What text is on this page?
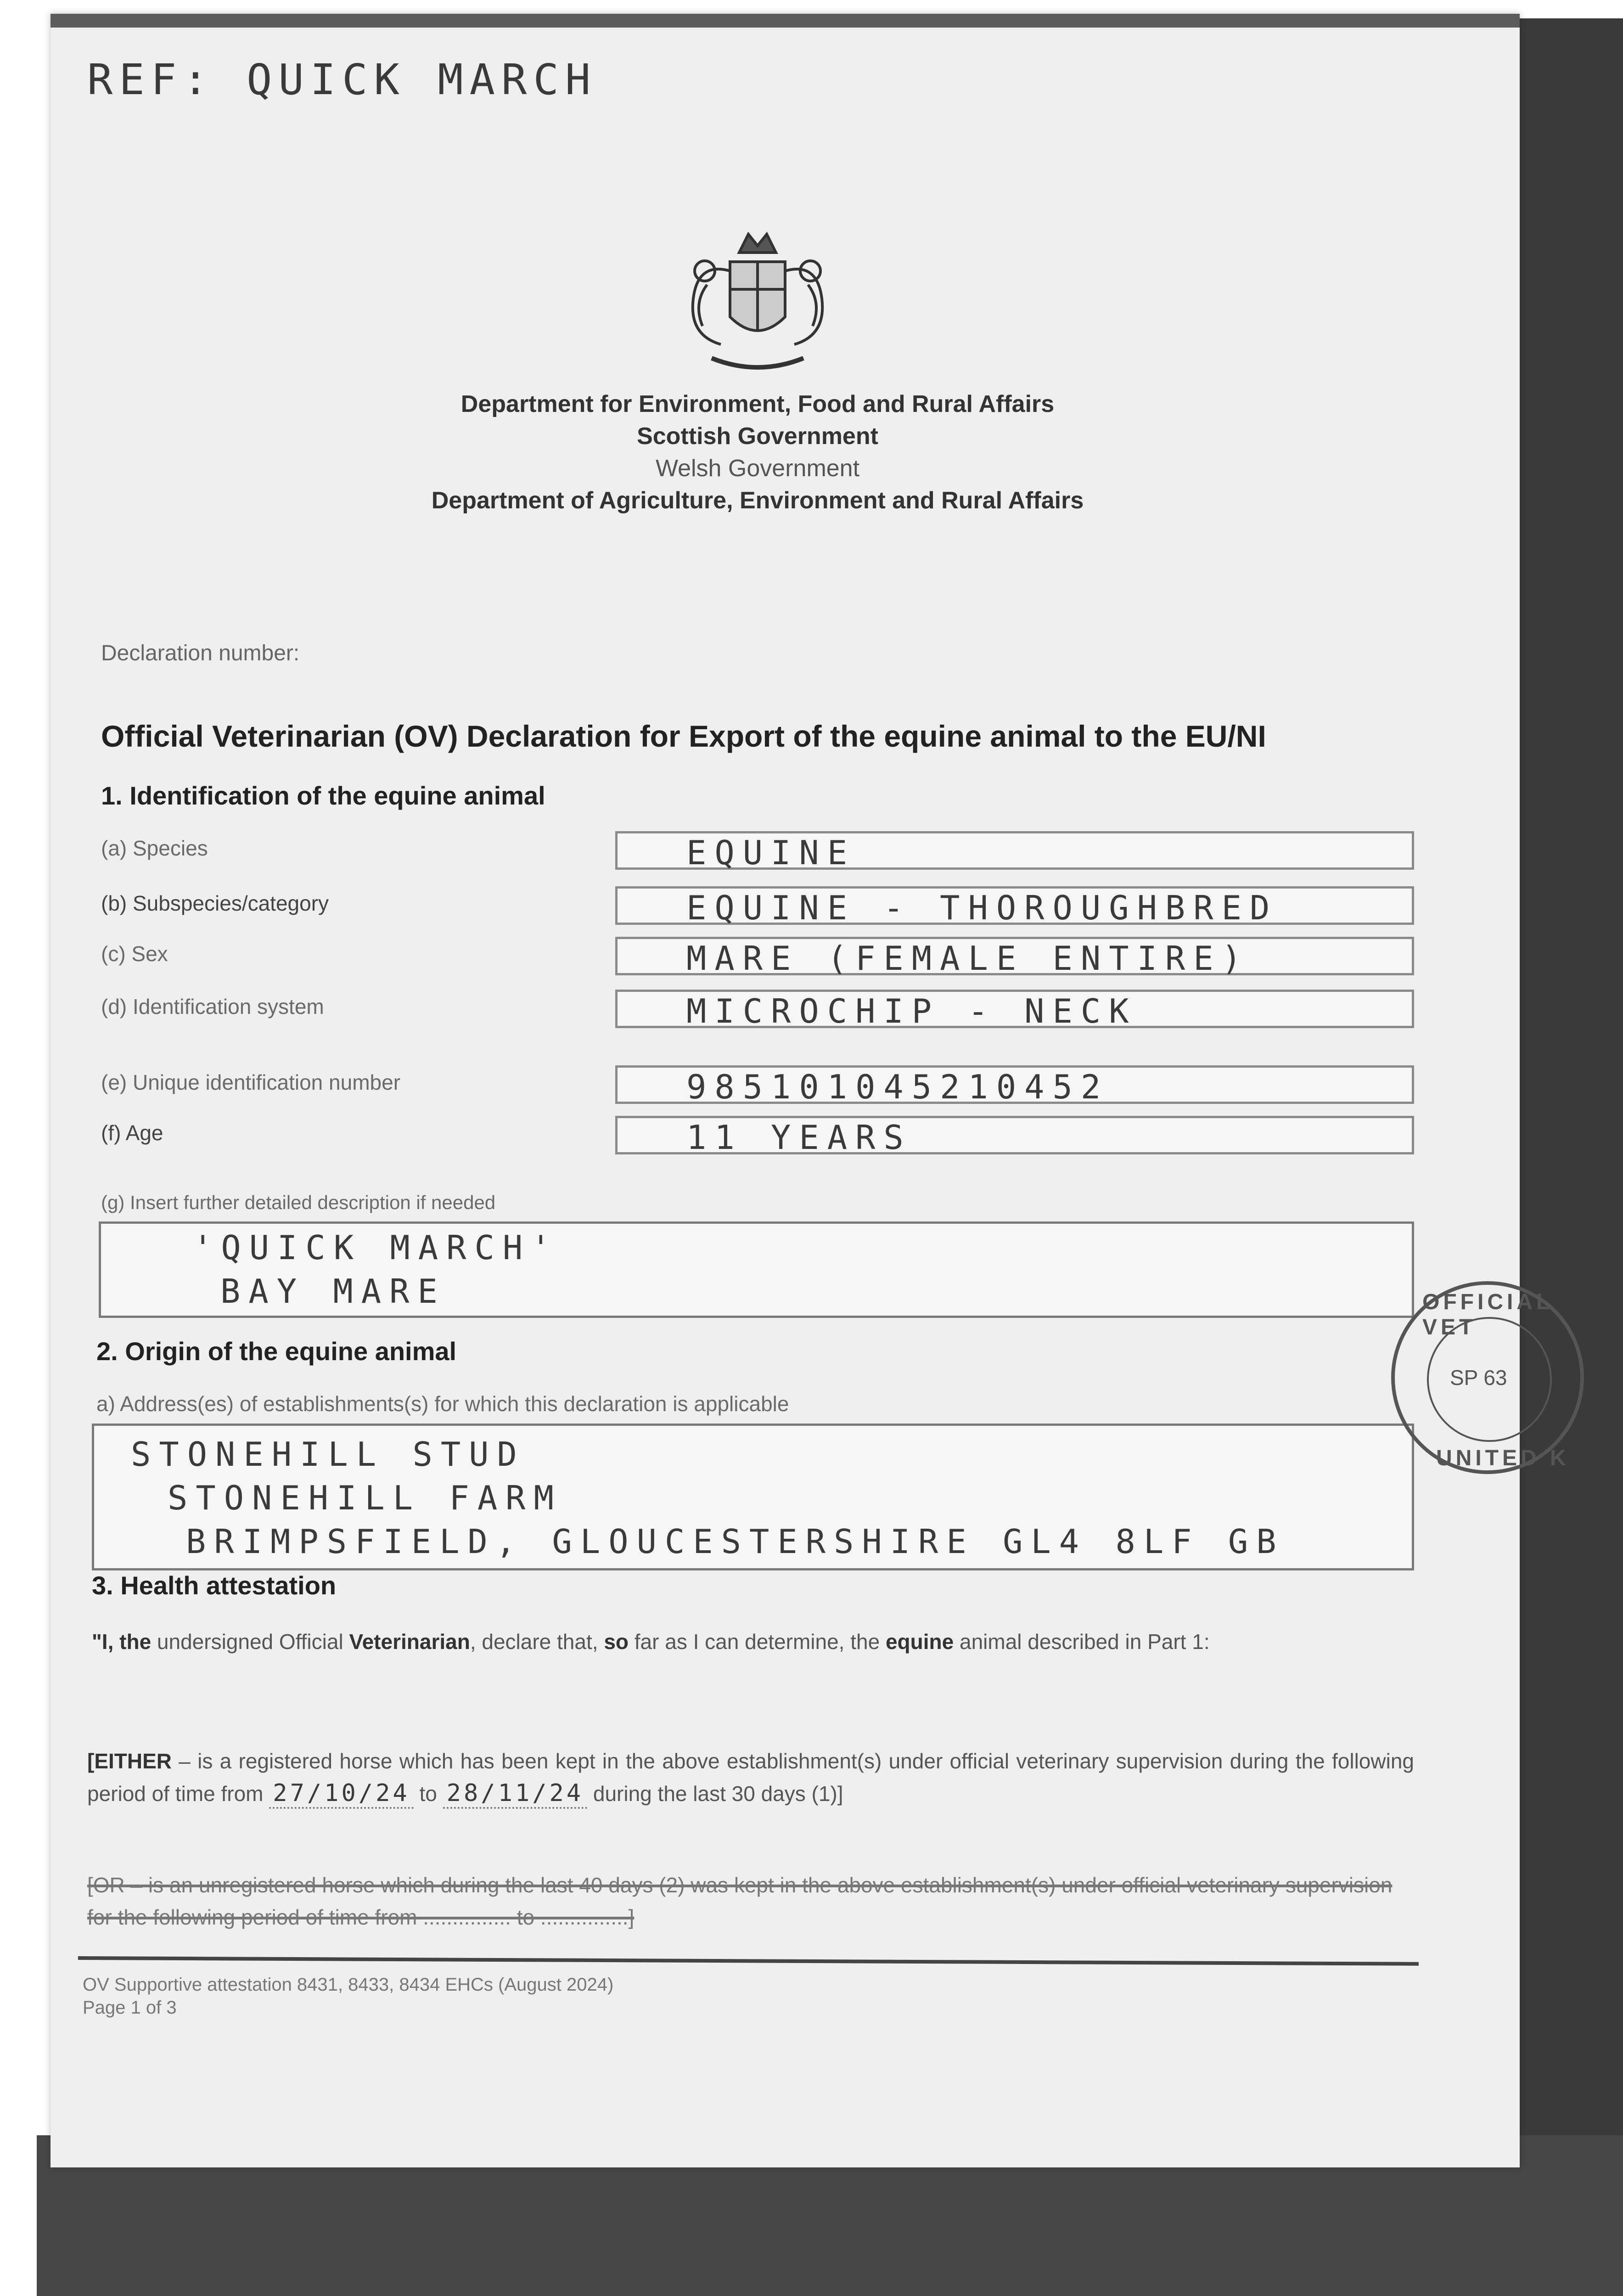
REF: QUICK MARCH
Department for Environment, Food and Rural Affairs
Scottish Government
Welsh Government
Department of Agriculture, Environment and Rural Affairs
Declaration number:
Official Veterinarian (OV) Declaration for Export of the equine animal to the EU/NI
1. Identification of the equine animal
(a) Species	EQUINE
(b) Subspecies/category	EQUINE - THOROUGHBRED
(c) Sex	MARE (FEMALE ENTIRE)
(d) Identification system	MICROCHIP - NECK
(e) Unique identification number	985101045210452
(f) Age	11 YEARS
(g) Insert further detailed description if needed
'QUICK MARCH'
BAY MARE
2. Origin of the equine animal
a) Address(es) of establishments(s) for which this declaration is applicable
STONEHILL STUD
STONEHILL FARM
BRIMPSFIELD, GLOUCESTERSHIRE GL4 8LF GB
OFFICIAL VET
SP 63
UNITED K
3. Health attestation
"I, the undersigned Official Veterinarian, declare that, so far as I can determine, the equine animal described in Part 1:
[EITHER – is a registered horse which has been kept in the above establishment(s) under official veterinary supervision during the following period of time from 27/10/24 to 28/11/24 during the last 30 days (1)]
[OR – is an unregistered horse which during the last 40 days (2) was kept in the above establishment(s) under official veterinary supervision for the following period of time from ............... to ...............]
OV Supportive attestation 8431, 8433, 8434 EHCs (August 2024)
Page 1 of 3
